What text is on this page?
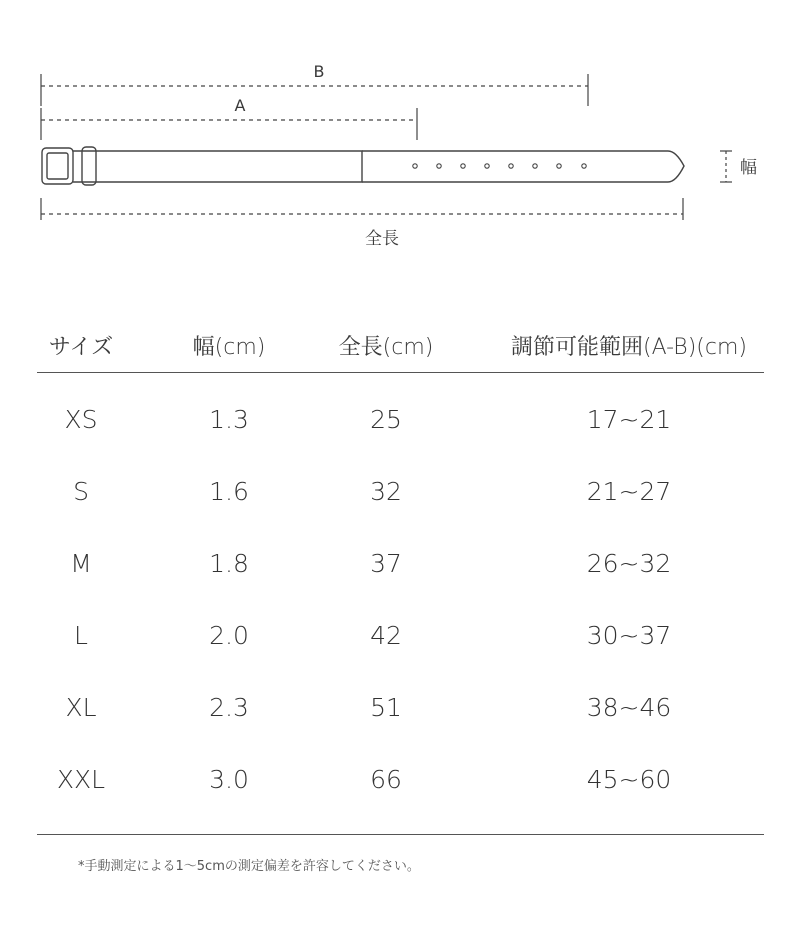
B
A
幅
全長
サイズ	幅(cm)	全長(cm)	調節可能範囲(A-B)(cm)
XS	1.3	25	17~21
S	1.6	32	21~27
M	1.8	37	26~32
L	2.0	42	30~37
XL	2.3	51	38~46
XXL	3.0	66	45~60
*手動測定による1〜5cmの測定偏差を許容してください。
